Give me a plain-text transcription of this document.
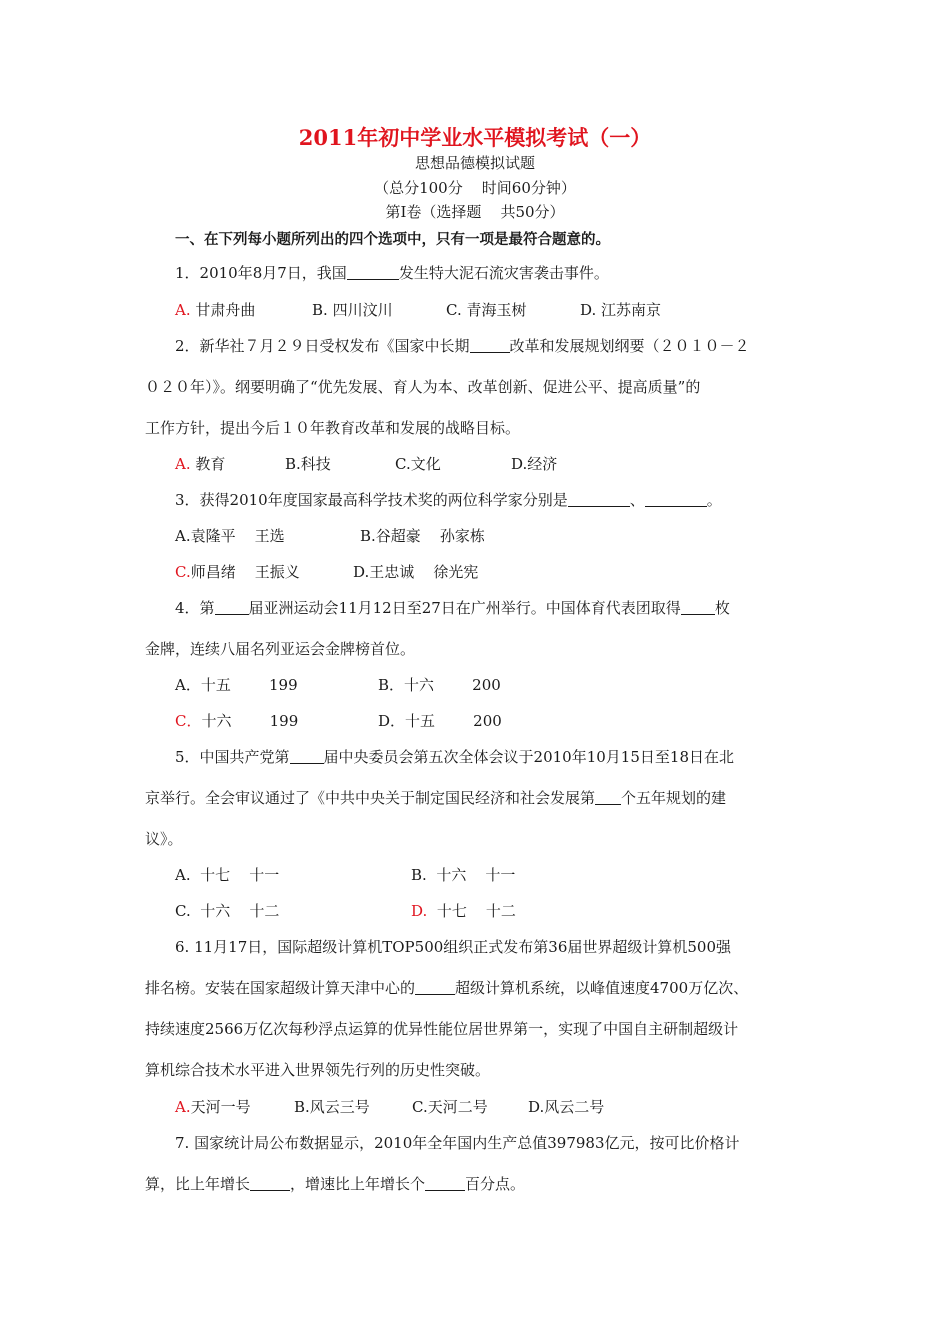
2011年初中学业水平模拟考试（一）
思想品德模拟试题
（总分100分    时间60分钟）
第I卷（选择题    共50分）
一、在下列每小题所列出的四个选项中，只有一项是最符合题意的。
1．2010年8月7日，我国	发生特大泥石流灾害袭击事件。
A. 甘肃舟曲	B. 四川汶川	C. 青海玉树	D. 江苏南京
2．新华社７月２９日受权发布《国家中长期	改革和发展规划纲要（２０１０－２
０２０年）》。纲要明确了“优先发展、育人为本、改革创新、促进公平、提高质量”的
工作方针，提出今后１０年教育改革和发展的战略目标。
A. 教育	B.科技	C.文化	D.经济
3．获得2010年度国家最高科学技术奖的两位科学家分别是	、	。
A.袁隆平    王选	B.谷超豪    孙家栋
C.师昌绪    王振义	D.王忠诚    徐光宪
4．第 届亚洲运动会11月12日至27日在广州举行。中国体育代表团取得 枚
金牌，连续八届名列亚运会金牌榜首位。
A．十五        199	B．十六        200
C．十六        199	D．十五        200
5．中国共产党第 届中央委员会第五次全体会议于2010年10月15日至18日在北
京举行。全会审议通过了《中共中央关于制定国民经济和社会发展第 个五年规划的建
议》。
A. 十七    十一	B. 十六    十一
C. 十六    十二	D. 十七    十二
6. 11月17日，国际超级计算机TOP500组织正式发布第36届世界超级计算机500强
排名榜。安装在国家超级计算天津中心的	超级计算机系统，以峰值速度4700万亿次、
持续速度2566万亿次每秒浮点运算的优异性能位居世界第一，实现了中国自主研制超级计
算机综合技术水平进入世界领先行列的历史性突破。
A.天河一号	B.风云三号	C.天河二号	D.风云二号
7. 国家统计局公布数据显示，2010年全年国内生产总值397983亿元，按可比价格计
算，比上年增长	，增速比上年增长个	百分点。
